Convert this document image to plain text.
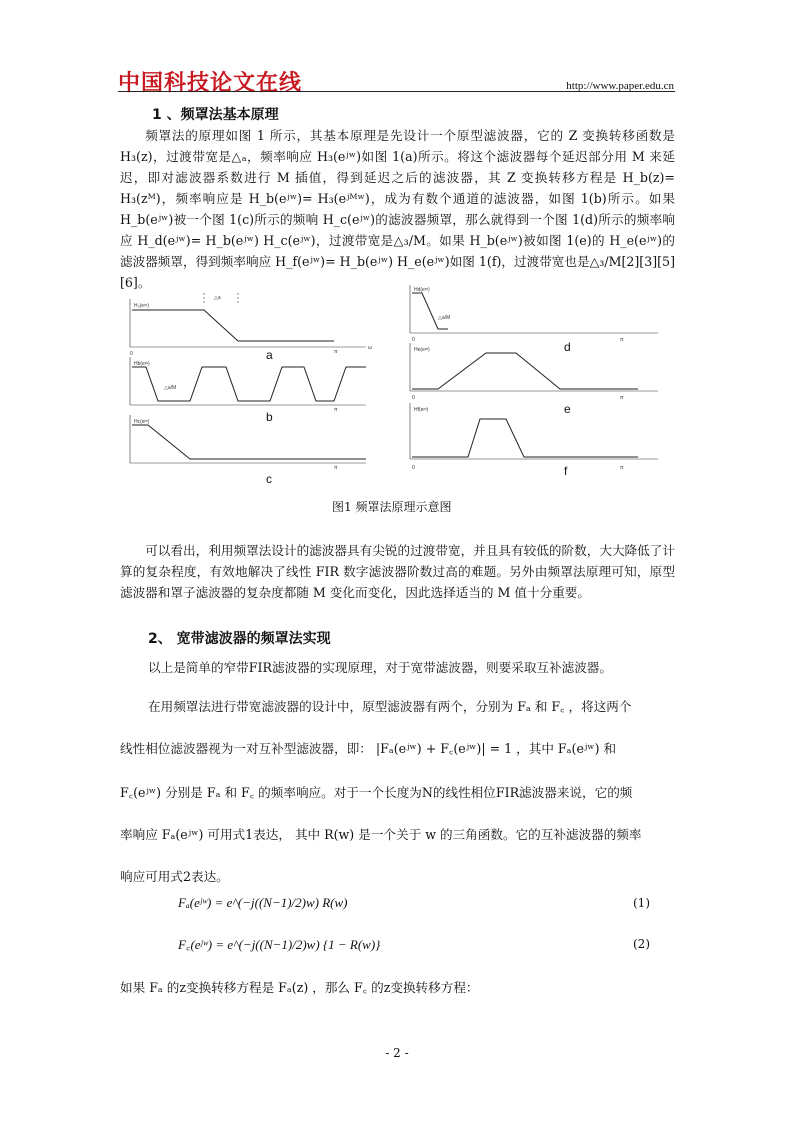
中国科技论文在线	http://www.paper.edu.cn
1 、频罩法基本原理
频罩法的原理如图 1 所示，其基本原理是先设计一个原型滤波器，它的 Z 变换转移函数是 H₃(z)，过渡带宽是△ₐ，频率响应 H₃(eʲʷ)如图 1(a)所示。将这个滤波器每个延迟部分用 M 来延迟，即对滤波器系数进行 M 插值，得到延迟之后的滤波器，其 Z 变换转移方程是 H_b(z)= H₃(zᴹ)，频率响应是 H_b(eʲʷ)= H₃(eʲᴹʷ)，成为有数个通道的滤波器，如图 1(b)所示。如果 H_b(eʲʷ)被一个图 1(c)所示的频响 H_c(eʲʷ)的滤波器频罩，那么就得到一个图 1(d)所示的频率响应 H_d(eʲʷ)= H_b(eʲʷ) H_c(eʲʷ)，过渡带宽是△₃/M。如果 H_b(eʲʷ)被如图 1(e)的 H_e(eʲʷ)的滤波器频罩，得到频率响应 H_f(eʲʷ)= H_b(eʲʷ) H_e(eʲʷ)如图 1(f)，过渡带宽也是△₃/M[2][3][5][6]。
H₃(eʲʷ)
△a
0	π
ω
Hb(eʲʷ)
△a/M
π
Hc(eʲʷ)
π
Hd(eʲʷ)
△a/M
0	π
He(eʲʷ)
0	π
Hf(eʲʷ)
0	π
a
b
c
d
e
f
图1 频罩法原理示意图
可以看出，利用频罩法设计的滤波器具有尖锐的过渡带宽，并且具有较低的阶数，大大降低了计算的复杂程度，有效地解决了线性 FIR 数字滤波器阶数过高的难题。另外由频罩法原理可知，原型滤波器和罩子滤波器的复杂度都随 M 变化而变化，因此选择适当的 M 值十分重要。
2、 宽带滤波器的频罩法实现
以上是简单的窄带FIR滤波器的实现原理，对于宽带滤波器，则要采取互补滤波器。
在用频罩法进行带宽滤波器的设计中，原型滤波器有两个，分别为 Fₐ 和 F꜀ ，将这两个
线性相位滤波器视为一对互补型滤波器，即： |Fₐ(eʲʷ) + F꜀(eʲʷ)| = 1 ，其中 Fₐ(eʲʷ) 和
F꜀(eʲʷ) 分别是 Fₐ 和 F꜀ 的频率响应。对于一个长度为N的线性相位FIR滤波器来说，它的频
率响应 Fₐ(eʲʷ) 可用式1表达， 其中 R(w) 是一个关于 w 的三角函数。它的互补滤波器的频率
响应可用式2表达。
Fₐ(eʲʷ) = e^(−j((N−1)/2)w) R(w)	(1)
F꜀(eʲʷ) = e^(−j((N−1)/2)w) {1 − R(w)}	(2)
如果 Fₐ 的z变换转移方程是 Fₐ(z) ，那么 F꜀ 的z变换转移方程：
- 2 -
